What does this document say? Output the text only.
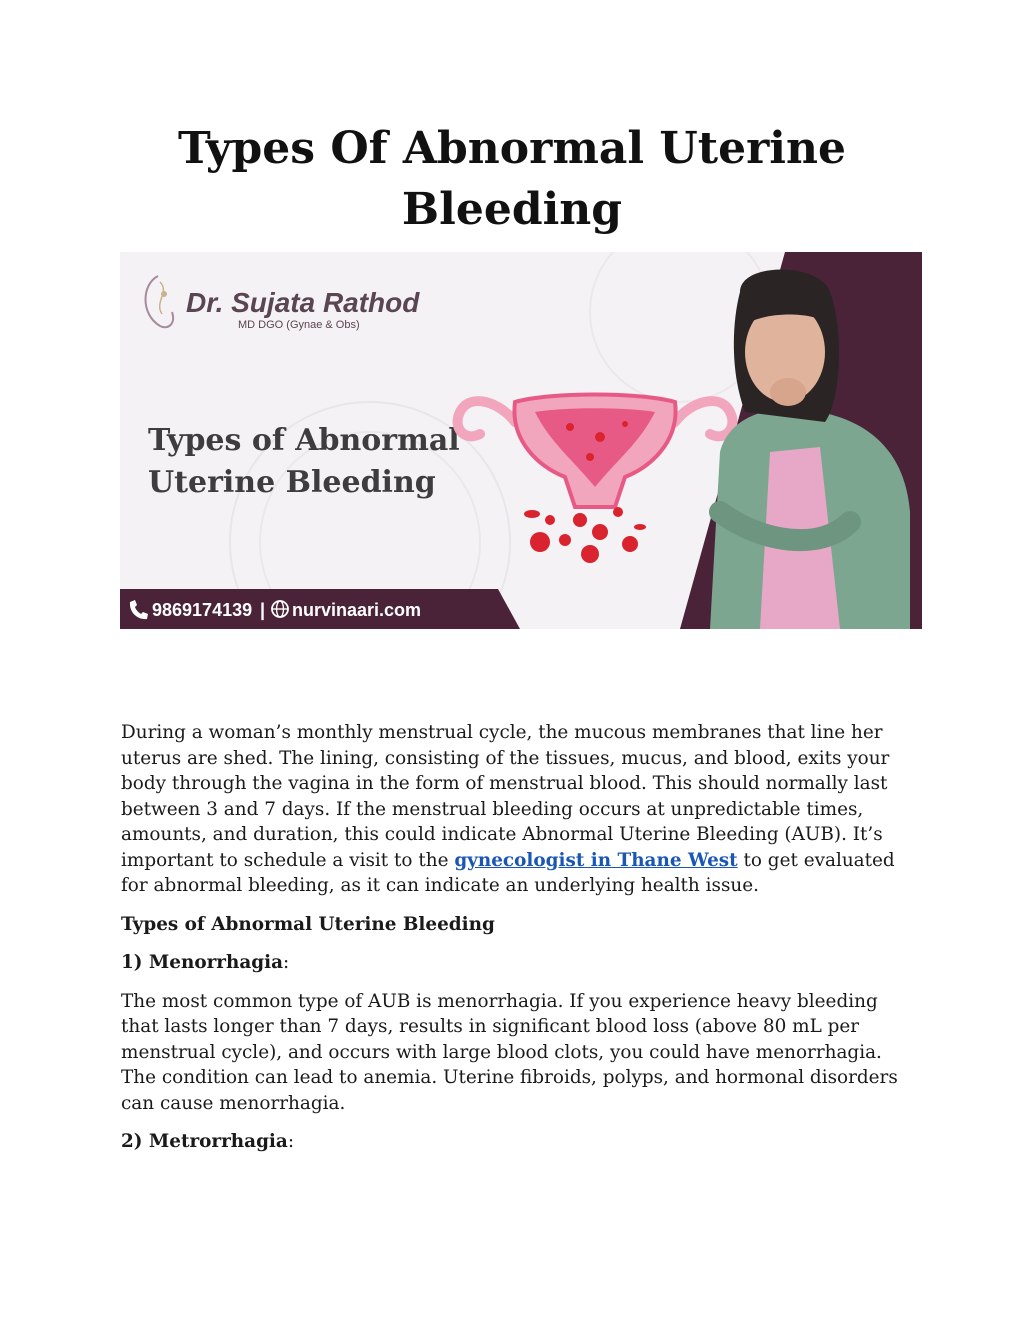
Types Of Abnormal Uterine
Bleeding
Dr. Sujata Rathod
MD DGO (Gynae & Obs)
Types of Abnormal
Uterine Bleeding
9869174139 | nurvinaari.com

During a woman’s monthly menstrual cycle, the mucous membranes that line her uterus are shed. The lining, consisting of the tissues, mucus, and blood, exits your body through the vagina in the form of menstrual blood. This should normally last between 3 and 7 days. If the menstrual bleeding occurs at unpredictable times, amounts, and duration, this could indicate Abnormal Uterine Bleeding (AUB). It’s important to schedule a visit to the gynecologist in Thane West to get evaluated for abnormal bleeding, as it can indicate an underlying health issue.

Types of Abnormal Uterine Bleeding

1) Menorrhagia:

The most common type of AUB is menorrhagia. If you experience heavy bleeding that lasts longer than 7 days, results in significant blood loss (above 80 mL per menstrual cycle), and occurs with large blood clots, you could have menorrhagia. The condition can lead to anemia. Uterine fibroids, polyps, and hormonal disorders can cause menorrhagia.

2) Metrorrhagia:
